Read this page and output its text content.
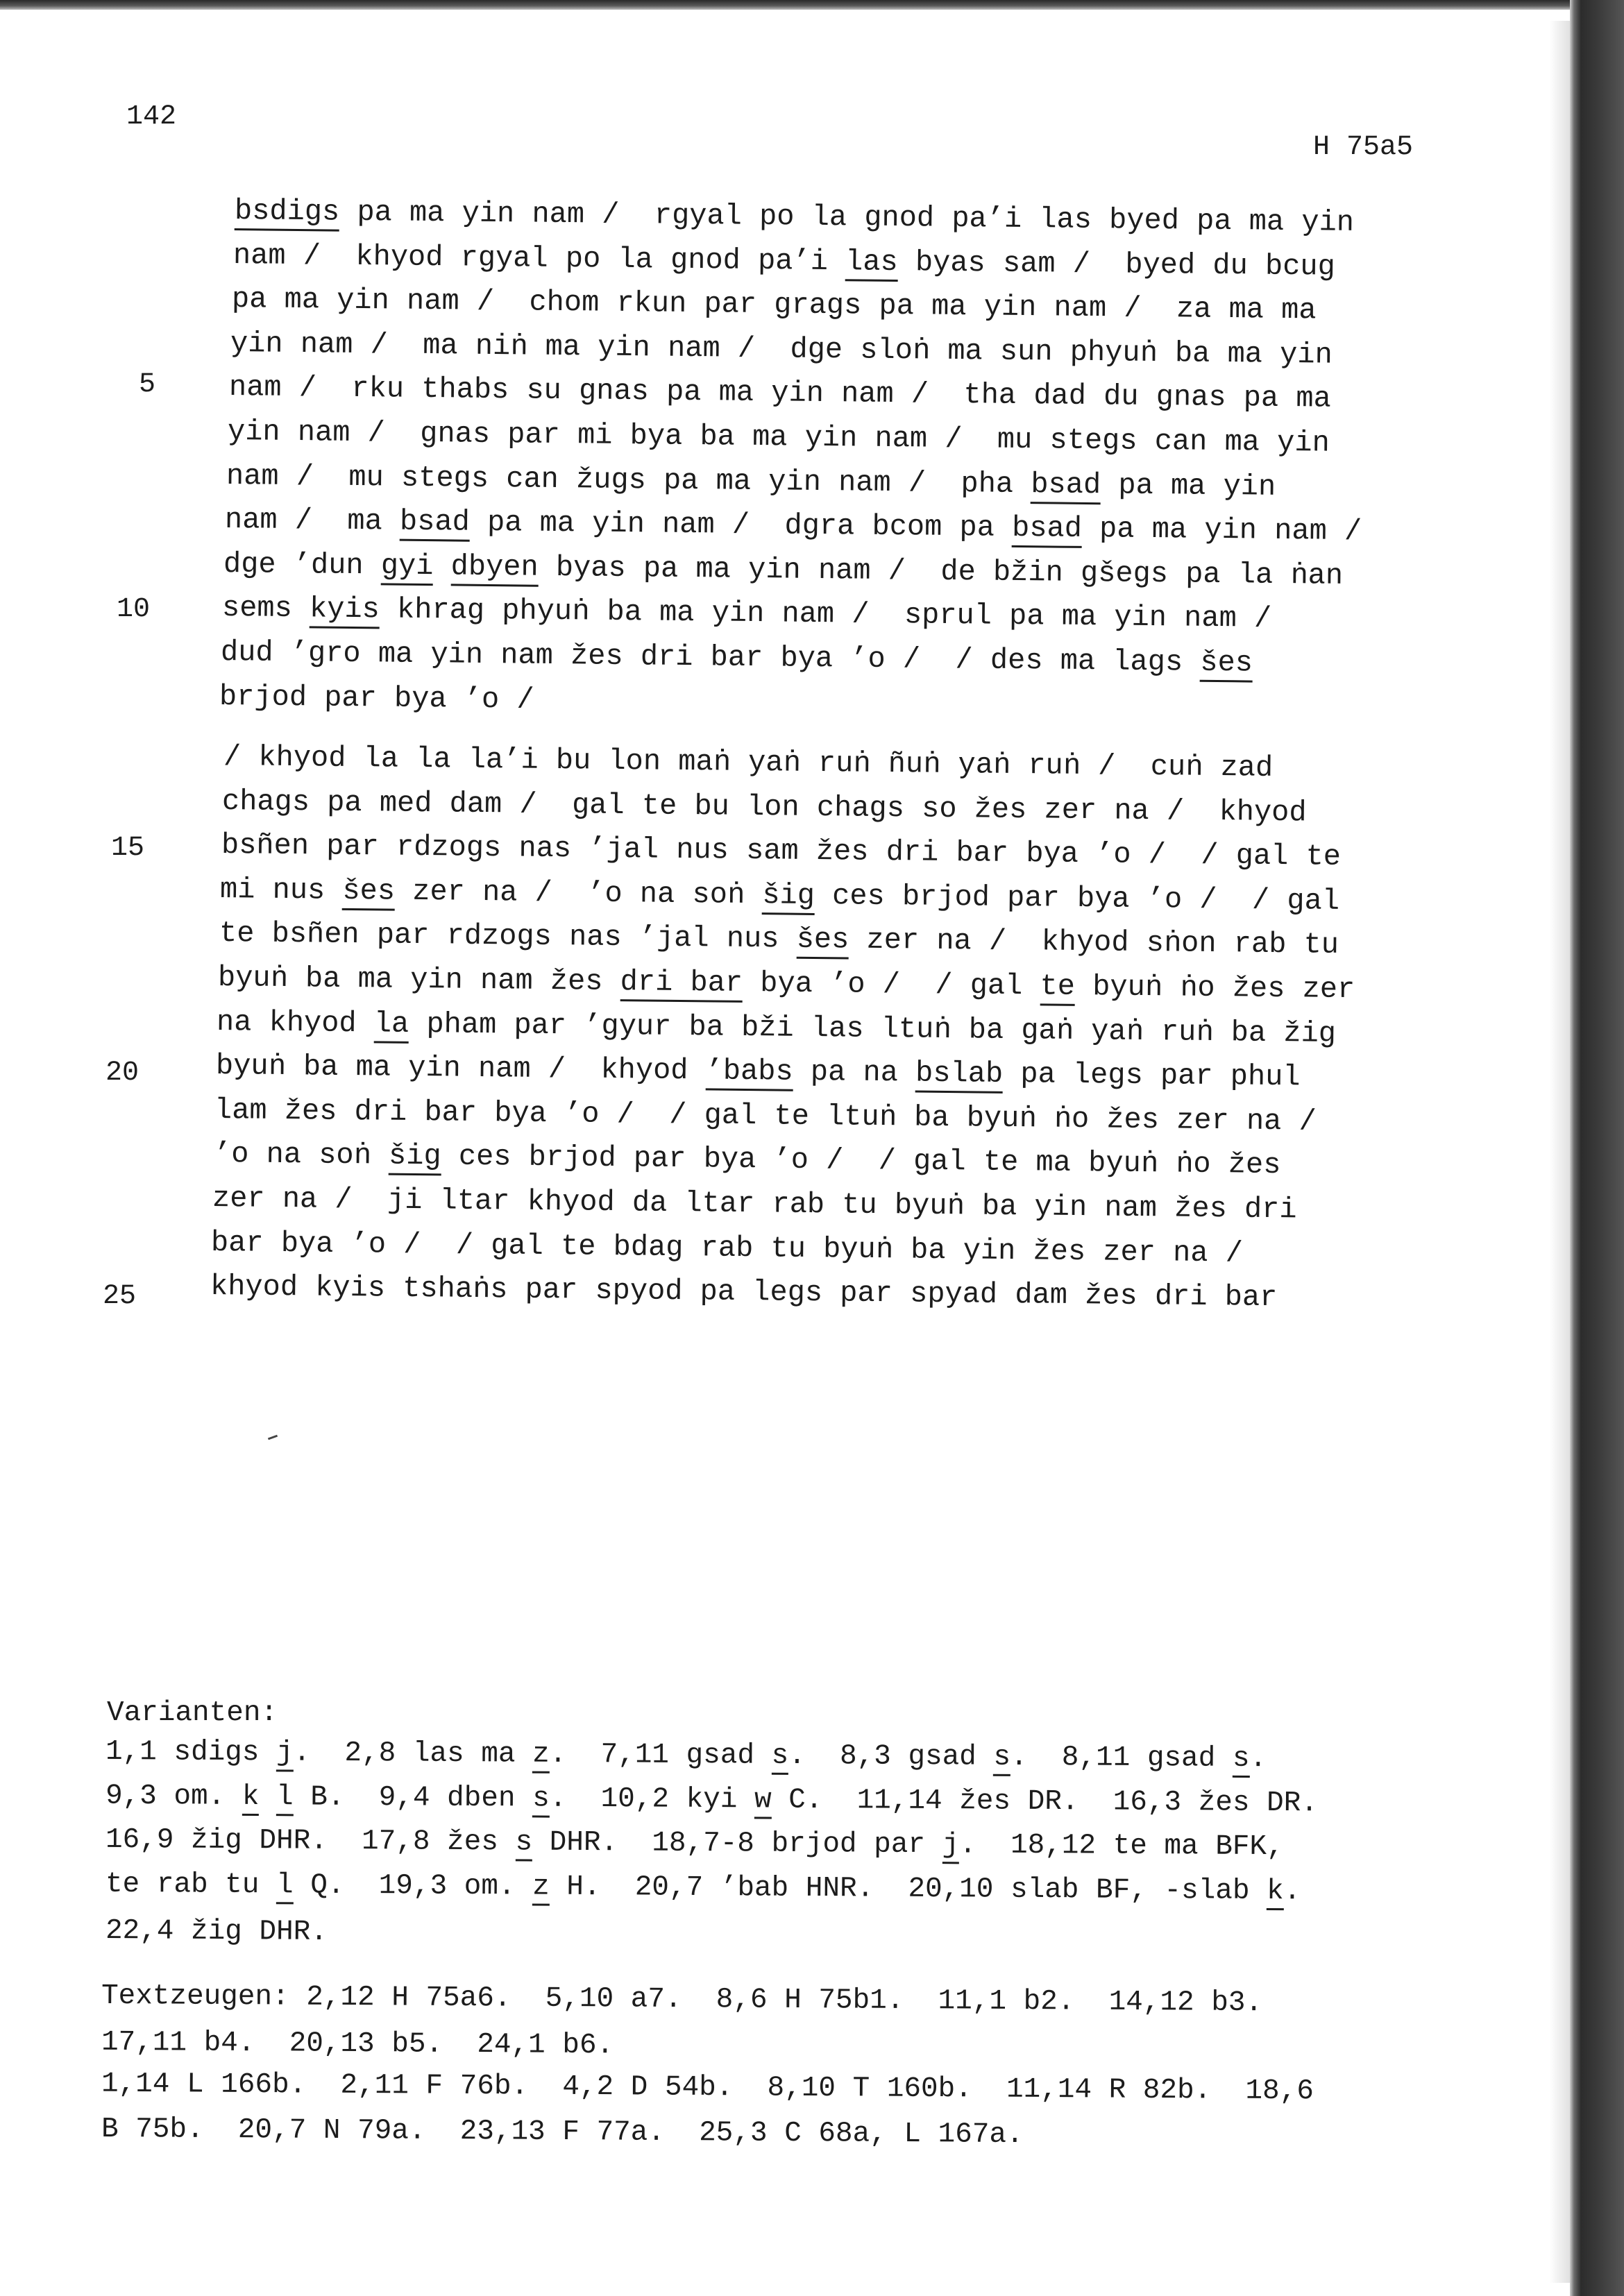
142
H 75a5
5
10
15
20
25
bsdigs pa ma yin nam /  rgyal po la gnod pa’i las byed pa ma yin
nam /  khyod rgyal po la gnod pa’i las byas sam /  byed du bcug
pa ma yin nam /  chom rkun par grags pa ma yin nam /  za ma ma
yin nam /  ma niṅ ma yin nam /  dge sloṅ ma sun phyuṅ ba ma yin
nam /  rku thabs su gnas pa ma yin nam /  tha dad du gnas pa ma
yin nam /  gnas par mi bya ba ma yin nam /  mu stegs can ma yin
nam /  mu stegs can žugs pa ma yin nam /  pha bsad pa ma yin
nam /  ma bsad pa ma yin nam /  dgra bcom pa bsad pa ma yin nam /
dge ’dun gyi dbyen byas pa ma yin nam /  de bžin gšegs pa la ṅan
sems kyis khrag phyuṅ ba ma yin nam /  sprul pa ma yin nam /
dud ’gro ma yin nam žes dri bar bya ’o /  / des ma lags šes
brjod par bya ’o /
/ khyod la la la’i bu lon maṅ yaṅ ruṅ ñuṅ yaṅ ruṅ /  cuṅ zad
chags pa med dam /  gal te bu lon chags so žes zer na /  khyod
bsñen par rdzogs nas ’jal nus sam žes dri bar bya ’o /  / gal te
mi nus šes zer na /  ’o na soṅ šig ces brjod par bya ’o /  / gal
te bsñen par rdzogs nas ’jal nus šes zer na /  khyod sṅon rab tu
byuṅ ba ma yin nam žes dri bar bya ’o /  / gal te byuṅ ṅo žes zer
na khyod la pham par ’gyur ba bži las ltuṅ ba gaṅ yaṅ ruṅ ba žig
byuṅ ba ma yin nam /  khyod ’babs pa na bslab pa legs par phul
lam žes dri bar bya ’o /  / gal te ltuṅ ba byuṅ ṅo žes zer na /
’o na soṅ šig ces brjod par bya ’o /  / gal te ma byuṅ ṅo žes
zer na /  ji ltar khyod da ltar rab tu byuṅ ba yin nam žes dri
bar bya ’o /  / gal te bdag rab tu byuṅ ba yin žes zer na /
khyod kyis tshaṅs par spyod pa legs par spyad dam žes dri bar
Varianten:
1,1 sdigs j.  2,8 las ma z.  7,11 gsad s.  8,3 gsad s.  8,11 gsad s.
9,3 om. k l B.  9,4 dben s.  10,2 kyi w C.  11,14 žes DR.  16,3 žes DR.
16,9 žig DHR.  17,8 žes s DHR.  18,7-8 brjod par j.  18,12 te ma BFK,
te rab tu l Q.  19,3 om. z H.  20,7 ’bab HNR.  20,10 slab BF, -slab k.
22,4 žig DHR.
Textzeugen: 2,12 H 75a6.  5,10 a7.  8,6 H 75b1.  11,1 b2.  14,12 b3.
17,11 b4.  20,13 b5.  24,1 b6.
1,14 L 166b.  2,11 F 76b.  4,2 D 54b.  8,10 T 160b.  11,14 R 82b.  18,6
B 75b.  20,7 N 79a.  23,13 F 77a.  25,3 C 68a, L 167a.
